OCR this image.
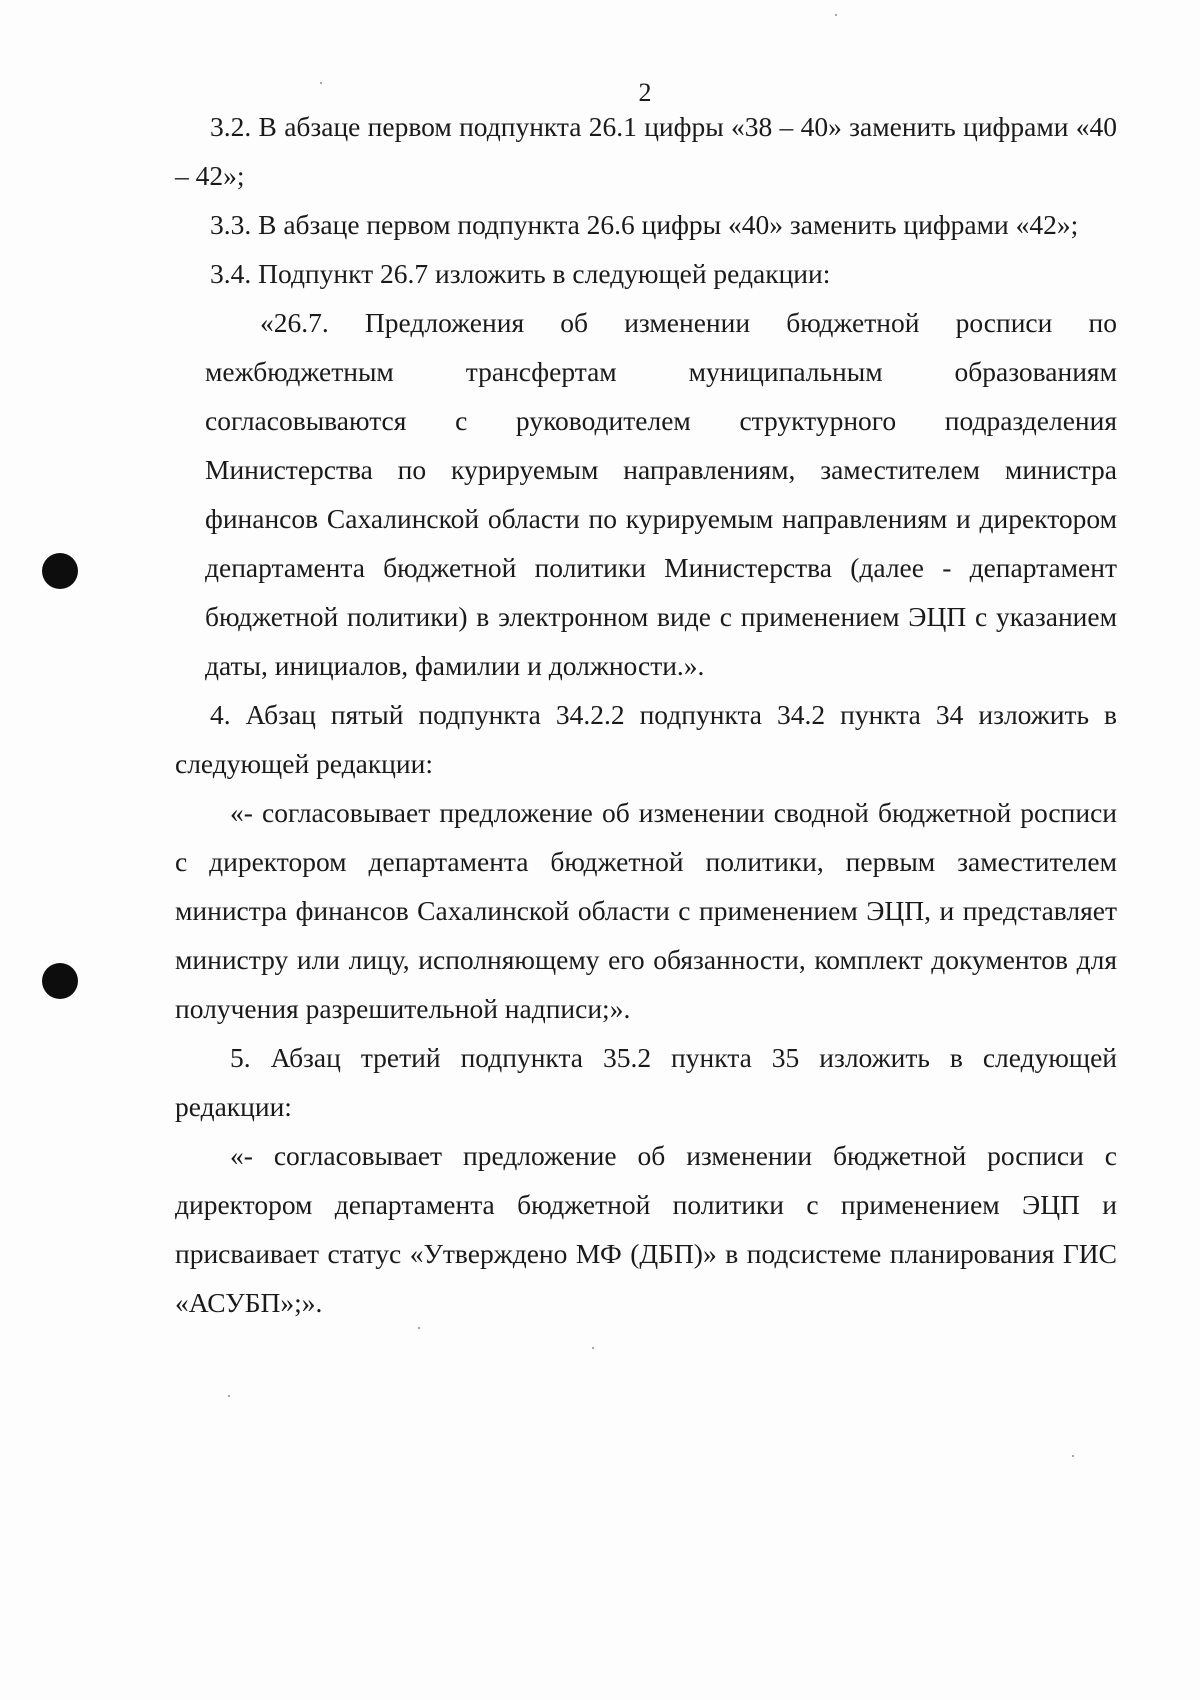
2

3.2. В абзаце первом подпункта 26.1 цифры «38 – 40» заменить цифрами «40 – 42»;

3.3. В абзаце первом подпункта 26.6 цифры «40» заменить цифрами «42»;

3.4. Подпункт 26.7 изложить в следующей редакции:

«26.7. Предложения об изменении бюджетной росписи по межбюджетным трансфертам муниципальным образованиям согласовываются с руководителем структурного подразделения Министерства по курируемым направлениям, заместителем министра финансов Сахалинской области по курируемым направлениям и директором департамента бюджетной политики Министерства (далее - департамент бюджетной политики) в электронном виде с применением ЭЦП с указанием даты, инициалов, фамилии и должности.».

4. Абзац пятый подпункта 34.2.2 подпункта 34.2 пункта 34 изложить в следующей редакции:

«- согласовывает предложение об изменении сводной бюджетной росписи с директором департамента бюджетной политики, первым заместителем министра финансов Сахалинской области с применением ЭЦП, и представляет министру или лицу, исполняющему его обязанности, комплект документов для получения разрешительной надписи;».

5. Абзац третий подпункта 35.2 пункта 35 изложить в следующей редакции:

«- согласовывает предложение об изменении бюджетной росписи с директором департамента бюджетной политики с применением ЭЦП и присваивает статус «Утверждено МФ (ДБП)» в подсистеме планирования ГИС «АСУБП»;».
